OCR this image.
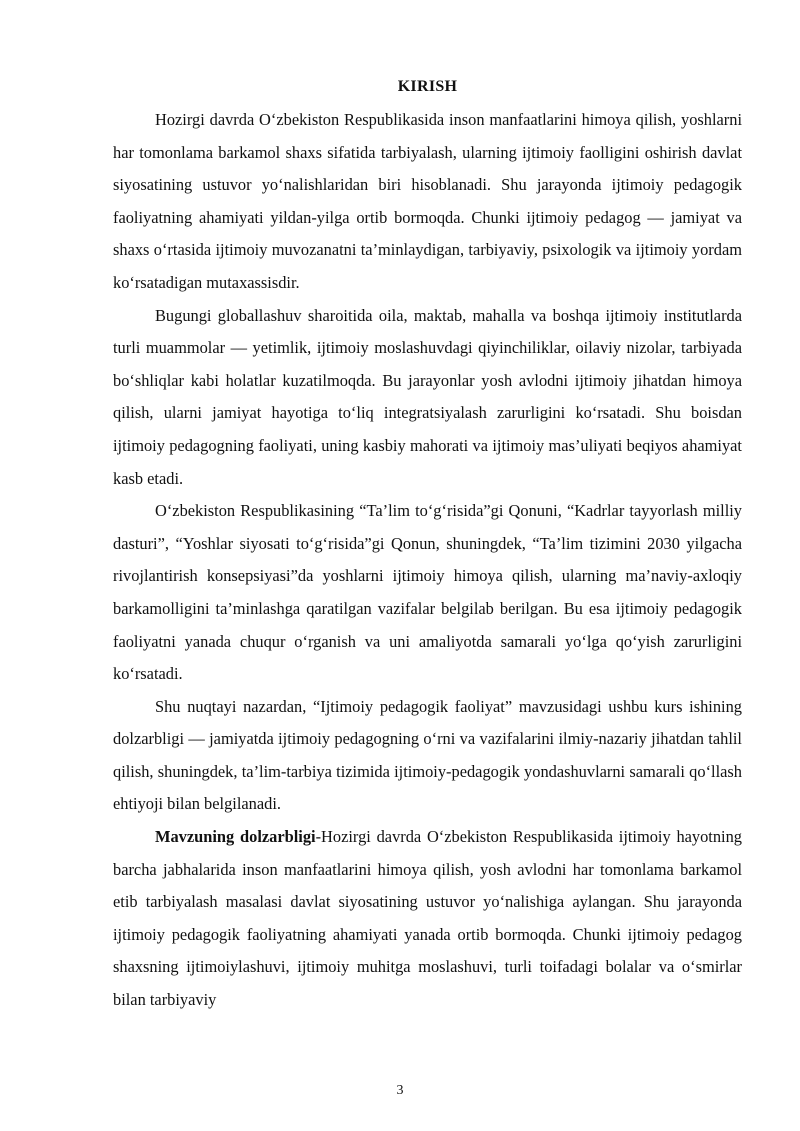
KIRISH

Hozirgi davrda O‘zbekiston Respublikasida inson manfaatlarini himoya qilish, yoshlarni har tomonlama barkamol shaxs sifatida tarbiyalash, ularning ijtimoiy faolligini oshirish davlat siyosatining ustuvor yo‘nalishlaridan biri hisoblanadi. Shu jarayonda ijtimoiy pedagogik faoliyatning ahamiyati yildan-yilga ortib bormoqda. Chunki ijtimoiy pedagog — jamiyat va shaxs o‘rtasida ijtimoiy muvozanatni ta’minlaydigan, tarbiyaviy, psixologik va ijtimoiy yordam ko‘rsatadigan mutaxassisdir.

Bugungi globallashuv sharoitida oila, maktab, mahalla va boshqa ijtimoiy institutlarda turli muammolar — yetimlik, ijtimoiy moslashuvdagi qiyinchiliklar, oilaviy nizolar, tarbiyada bo‘shliqlar kabi holatlar kuzatilmoqda. Bu jarayonlar yosh avlodni ijtimoiy jihatdan himoya qilish, ularni jamiyat hayotiga to‘liq integratsiyalash zarurligini ko‘rsatadi. Shu boisdan ijtimoiy pedagogning faoliyati, uning kasbiy mahorati va ijtimoiy mas’uliyati beqiyos ahamiyat kasb etadi.

O‘zbekiston Respublikasining “Ta’lim to‘g‘risida”gi Qonuni, “Kadrlar tayyorlash milliy dasturi”, “Yoshlar siyosati to‘g‘risida”gi Qonun, shuningdek, “Ta’lim tizimini 2030 yilgacha rivojlantirish konsepsiyasi”da yoshlarni ijtimoiy himoya qilish, ularning ma’naviy-axloqiy barkamolligini ta’minlashga qaratilgan vazifalar belgilab berilgan. Bu esa ijtimoiy pedagogik faoliyatni yanada chuqur o‘rganish va uni amaliyotda samarali yo‘lga qo‘yish zarurligini ko‘rsatadi.

Shu nuqtayi nazardan, “Ijtimoiy pedagogik faoliyat” mavzusidagi ushbu kurs ishining dolzarbligi — jamiyatda ijtimoiy pedagogning o‘rni va vazifalarini ilmiy-nazariy jihatdan tahlil qilish, shuningdek, ta’lim-tarbiya tizimida ijtimoiy-pedagogik yondashuvlarni samarali qo‘llash ehtiyoji bilan belgilanadi.

Mavzuning dolzarbligi-Hozirgi davrda O‘zbekiston Respublikasida ijtimoiy hayotning barcha jabhalarida inson manfaatlarini himoya qilish, yosh avlodni har tomonlama barkamol etib tarbiyalash masalasi davlat siyosatining ustuvor yo‘nalishiga aylangan. Shu jarayonda ijtimoiy pedagogik faoliyatning ahamiyati yanada ortib bormoqda. Chunki ijtimoiy pedagog shaxsning ijtimoiylashuvi, ijtimoiy muhitga moslashuvi, turli toifadagi bolalar va o‘smirlar bilan tarbiyaviy

3
